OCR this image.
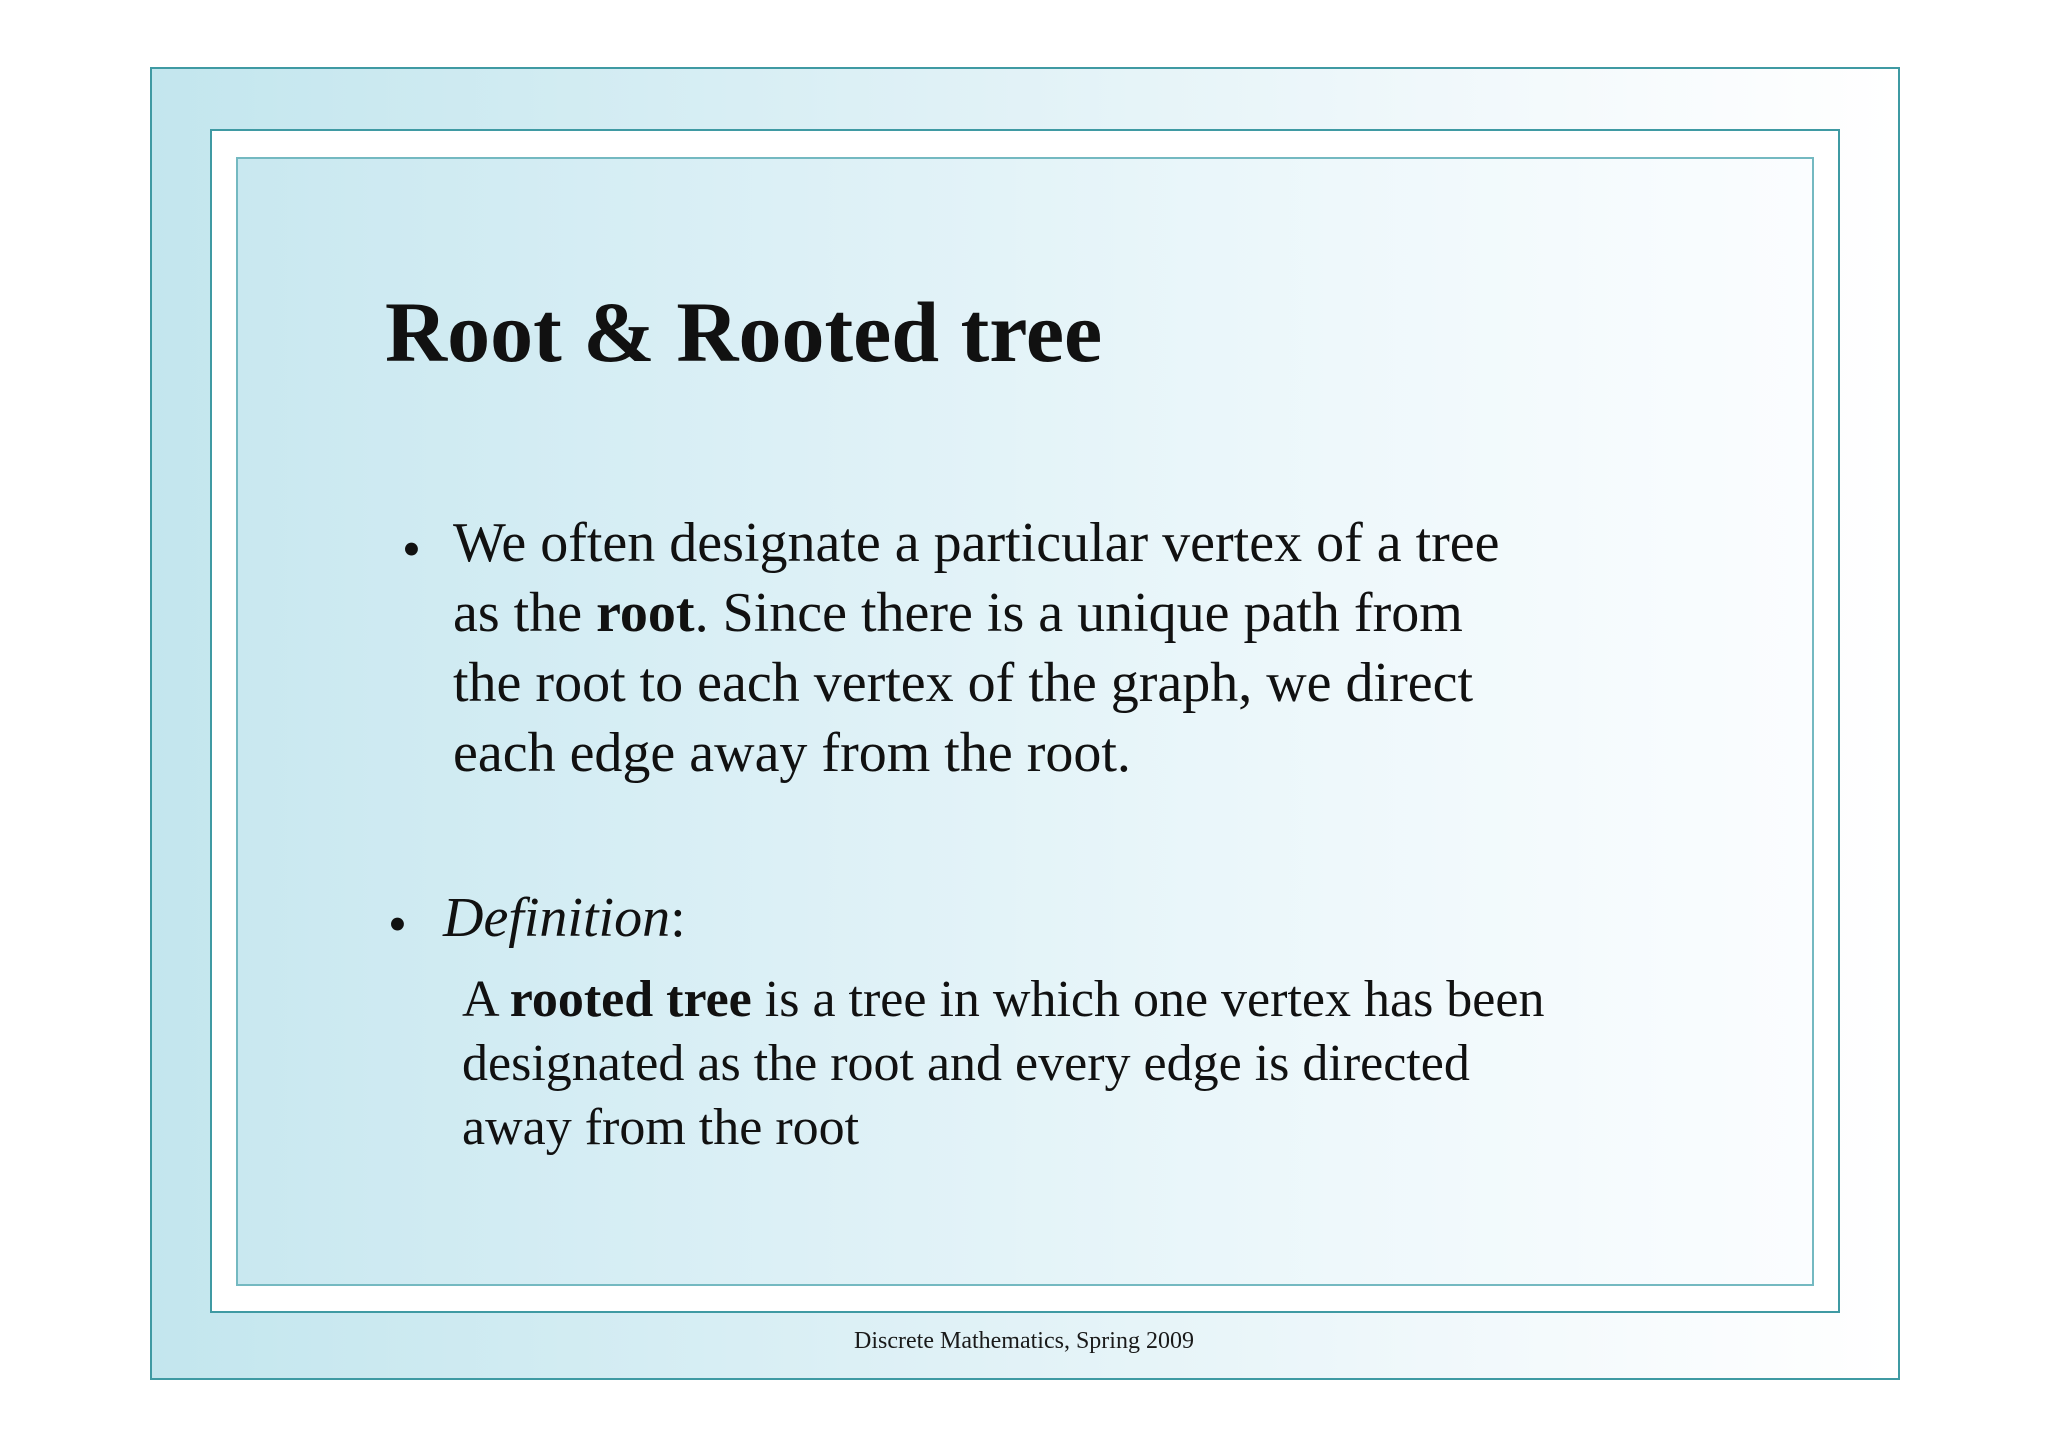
Root & Rooted tree
• We often designate a particular vertex of a tree
as the root. Since there is a unique path from
the root to each vertex of the graph, we direct
each edge away from the root.

• Definition:

A rooted tree is a tree in which one vertex has been
designated as the root and every edge is directed
away from the root

Discrete Mathematics, Spring 2009
